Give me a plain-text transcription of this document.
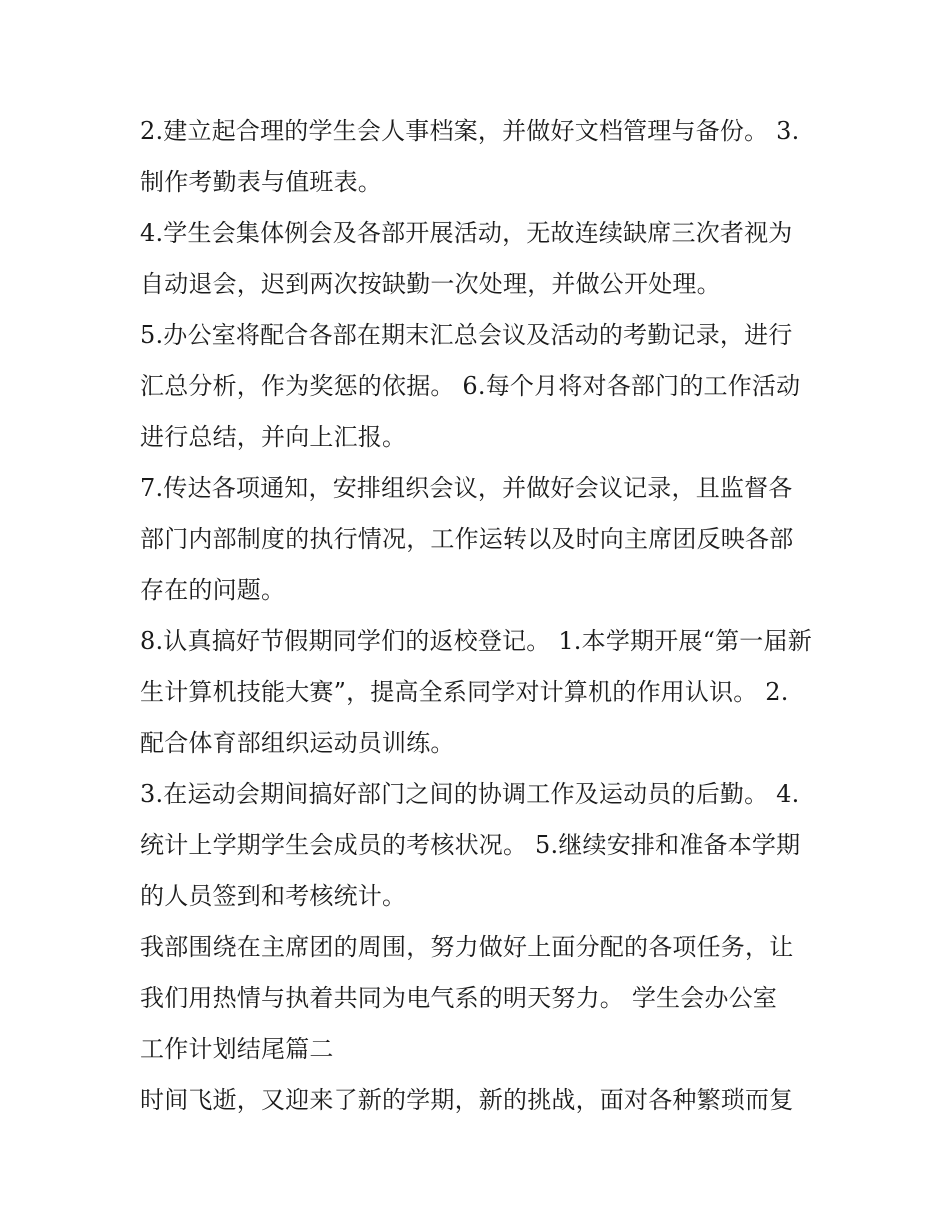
2.建立起合理的学生会人事档案，并做好文档管理与备份。 3.
制作考勤表与值班表。
4.学生会集体例会及各部开展活动，无故连续缺席三次者视为
自动退会，迟到两次按缺勤一次处理，并做公开处理。
5.办公室将配合各部在期末汇总会议及活动的考勤记录，进行
汇总分析，作为奖惩的依据。 6.每个月将对各部门的工作活动
进行总结，并向上汇报。
7.传达各项通知，安排组织会议，并做好会议记录，且监督各
部门内部制度的执行情况，工作运转以及时向主席团反映各部
存在的问题。
8.认真搞好节假期同学们的返校登记。 1.本学期开展“第一届新
生计算机技能大赛”，提高全系同学对计算机的作用认识。 2.
配合体育部组织运动员训练。
3.在运动会期间搞好部门之间的协调工作及运动员的后勤。 4.
统计上学期学生会成员的考核状况。 5.继续安排和准备本学期
的人员签到和考核统计。
我部围绕在主席团的周围，努力做好上面分配的各项任务，让
我们用热情与执着共同为电气系的明天努力。 学生会办公室
工作计划结尾篇二
时间飞逝，又迎来了新的学期，新的挑战，面对各种繁琐而复
